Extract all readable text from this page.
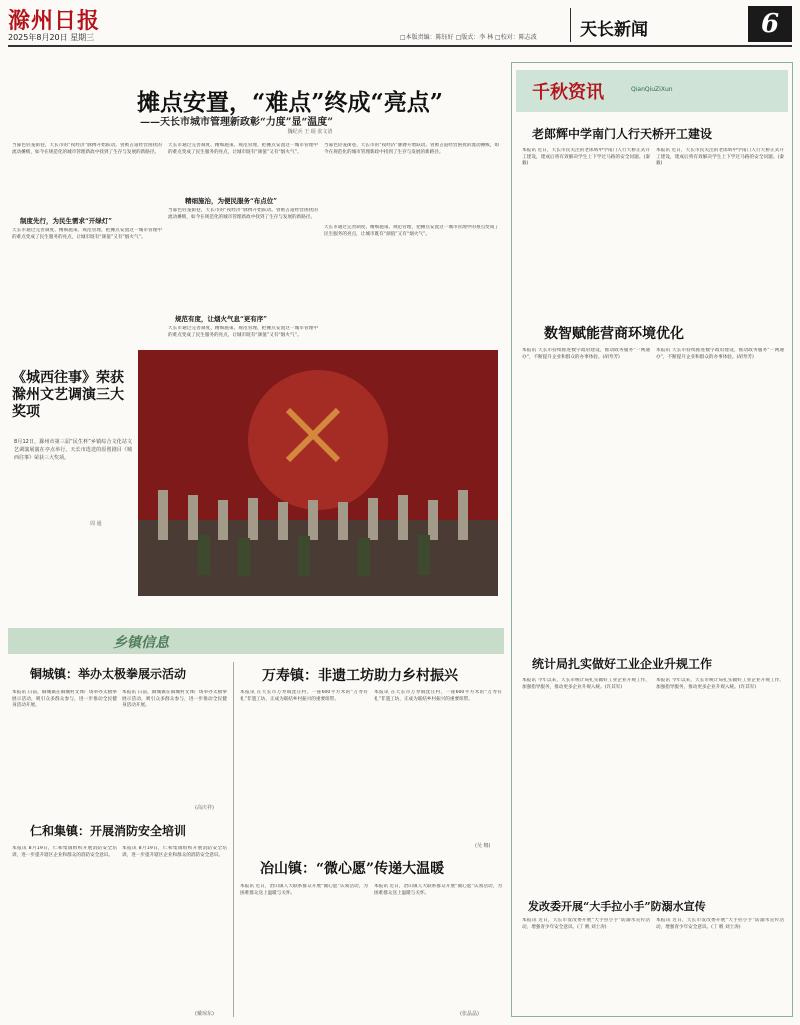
滁州日报
2025年8月20日 星期三	□本版责编：陈钰好 □版式：李 林 □校对：陈志波	天长新闻	6
摊点安置，“难点”终成“亮点”
——天长市城市管理新政彰“力度”显“温度”
魏纪兵 王 琨 张文清
当暮色轻笼街巷，天长市的“夜经济”脉搏开始跃动。曾被占道经营困扰的流动摊贩，如今在规范化的城市管理新政中找到了生存与发展的新路径。
制度先行，为民生需求“开绿灯”
天长市通过完善制度、精细施策、规范管理，把摊点安置这一城市管理中的难点变成了民生服务的亮点，让城市既有“颜值”又有“烟火气”。
天长市通过完善制度、精细施策、规范管理，把摊点安置这一城市管理中的难点变成了民生服务的亮点，让城市既有“颜值”又有“烟火气”。
精细施治，为便民服务“布点位”
当暮色轻笼街巷，天长市的“夜经济”脉搏开始跃动。曾被占道经营困扰的流动摊贩，如今在规范化的城市管理新政中找到了生存与发展的新路径。
规范有度，让烟火气息“更有序”
天长市通过完善制度、精细施策、规范管理，把摊点安置这一城市管理中的难点变成了民生服务的亮点，让城市既有“颜值”又有“烟火气”。
当暮色轻笼街巷，天长市的“夜经济”脉搏开始跃动。曾被占道经营困扰的流动摊贩，如今在规范化的城市管理新政中找到了生存与发展的新路径。
天长市通过完善制度、精细施策、规范管理，把摊点安置这一城市管理中的难点变成了民生服务的亮点，让城市既有“颜值”又有“烟火气”。
千秋资讯	QianQiuZiXun
老郎辉中学南门人行天桥开工建设
本报讯 近日，天长市民关注的老郎辉中学南门人行天桥正式开工建设，建成后将有效解决学生上下学过马路的安全问题。(秦 毅)
本报讯 近日，天长市民关注的老郎辉中学南门人行天桥正式开工建设，建成后将有效解决学生上下学过马路的安全问题。(秦 毅)
数智赋能营商环境优化
本报讯 天长市持续推进数字政府建设，推动政务服务“一网通办”，不断提升企业和群众的办事体验。(胡寿芳)
本报讯 天长市持续推进数字政府建设，推动政务服务“一网通办”，不断提升企业和群众的办事体验。(胡寿芳)
统计局扎实做好工业企业升规工作
本报讯 今年以来，天长市统计局扎实做好工业企业升规工作，加强指导服务，推动更多企业升规入统。(许其军)
本报讯 今年以来，天长市统计局扎实做好工业企业升规工作，加强指导服务，推动更多企业升规入统。(许其军)
发改委开展“大手拉小手”防溺水宣传
本报讯 近日，天长市发改委开展“大手拉小手”防溺水宣传活动，增强青少年安全意识。(丁 帆 刘士涛)
本报讯 近日，天长市发改委开展“大手拉小手”防溺水宣传活动，增强青少年安全意识。(丁 帆 刘士涛)
《城西往事》荣获滁州文艺调演三大奖项
8月12日，滁州市第三届“民生杯”乡镇综合文化站文艺调演展演在亭点举行，天长市选送的原创剧目《城西往事》荣获三大奖项。
周 通
乡镇信息
铜城镇：举办太极拳展示活动
本报讯 日前，铜城镇在铜城村文体广场举办太极拳展示活动，吸引众多群众参与，进一步推动全民健身活动开展。
本报讯 日前，铜城镇在铜城村文体广场举办太极拳展示活动，吸引众多群众参与，进一步推动全民健身活动开展。
(高庆祥)
仁和集镇：开展消防安全培训
本报讯 8月19日，仁和集镇组织开展消防安全培训，进一步提升辖区企业和群众的消防安全意识。
本报讯 8月19日，仁和集镇组织开展消防安全培训，进一步提升辖区企业和群众的消防安全意识。
(戴琼东)
万寿镇：非遗工坊助力乡村振兴
本报讯 在天长市万寿镇沈庄村，一座600平方米的“万寿有礼”非遗工坊，正成为联结乡村振兴的重要纽带。
本报讯 在天长市万寿镇沈庄村，一座600平方米的“万寿有礼”非遗工坊，正成为联结乡村振兴的重要纽带。
(吴 娜)
冶山镇：“微心愿”传递大温暖
本报讯 近日，冶山镇人大联系群众开展“微心愿”认领活动，为困难群众送上温暖与关怀。
本报讯 近日，冶山镇人大联系群众开展“微心愿”认领活动，为困难群众送上温暖与关怀。
(张晶晶)
